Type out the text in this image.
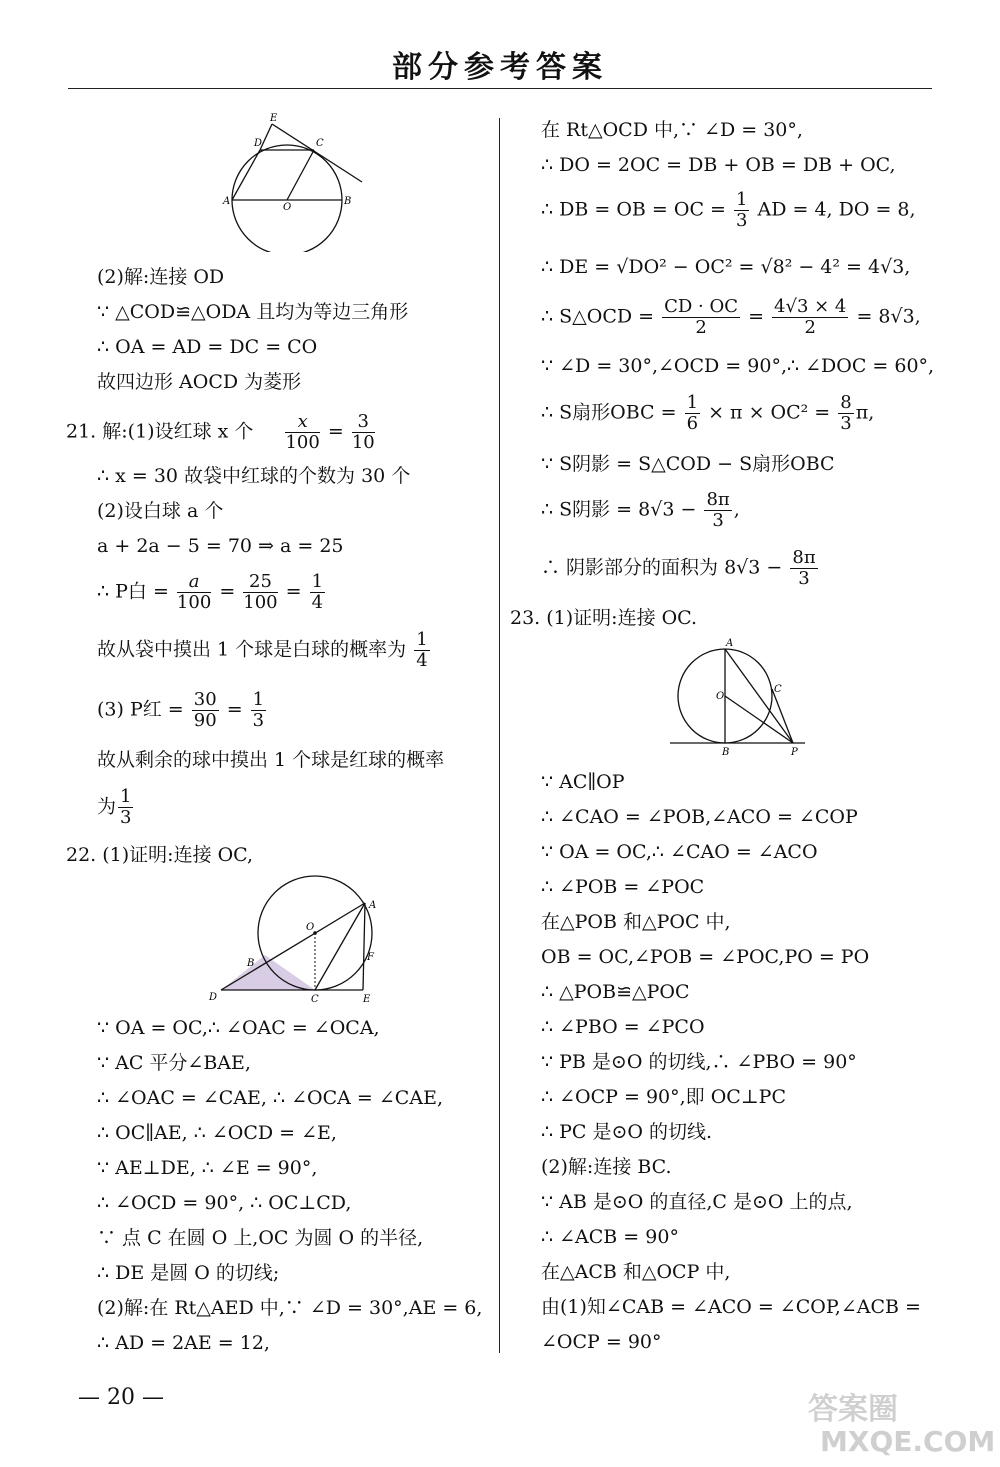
部分参考答案
E
D	C
A
O
B
(2)解:连接 OD
∵ △COD≌△ODA 且均为等边三角形
∴ OA = AD = DC = CO
故四边形 AOCD 为菱形
21. 解:(1)设红球 x 个 $\frac{x}{100} = \frac{3}{10}$
∴ x = 30 故袋中红球的个数为 30 个
(2)设白球 a 个
a + 2a − 5 = 70 ⇒ a = 25
∴ P白 = $\frac{a}{100} = \frac{25}{100} = \frac{1}{4}$
故从袋中摸出 1 个球是白球的概率为 $\frac{1}{4}$
(3) P红 = $\frac{30}{90} = \frac{1}{3}$
故从剩余的球中摸出 1 个球是红球的概率
为 $\frac{1}{3}$
22. (1)证明:连接 OC,
O
A
B
F
D	C	E
∵ OA = OC,∴ ∠OAC = ∠OCA,
∵ AC 平分∠BAE,
∴ ∠OAC = ∠CAE, ∴ ∠OCA = ∠CAE,
∴ OC∥AE, ∴ ∠OCD = ∠E,
∵ AE⊥DE, ∴ ∠E = 90°,
∴ ∠OCD = 90°, ∴ OC⊥CD,
∵ 点 C 在圆 O 上,OC 为圆 O 的半径,
∴ DE 是圆 O 的切线;
(2)解:在 Rt△AED 中,∵ ∠D = 30°,AE = 6,
∴ AD = 2AE = 12,
在 Rt△OCD 中,∵ ∠D = 30°,
∴ DO = 2OC = DB + OB = DB + OC,
∴ DB = OB = OC = $\frac{1}{3}$ AD = 4, DO = 8,
∴ DE = √DO² − OC² = √8² − 4² = 4√3,
∴ S△OCD = $\frac{CD \cdot OC}{2} = \frac{4√3 \times 4}{2} = 8√3$,
∵ ∠D = 30°,∠OCD = 90°,∴ ∠DOC = 60°,
∴ S扇形OBC = $\frac{1}{6} \times \pi \times OC^2 = \frac{8}{3} \pi$,
∵ S阴影 = S△COD − S扇形OBC
∴ S阴影 = $8√3 - \frac{8\pi}{3}$ ,
∴ 阴影部分的面积为 $8√3 - \frac{8\pi}{3}$
23. (1)证明:连接 OC.
A
O
C
B	P
∵ AC∥OP
∴ ∠CAO = ∠POB,∠ACO = ∠COP
∵ OA = OC,∴ ∠CAO = ∠ACO
∴ ∠POB = ∠POC
在△POB 和△POC 中,
OB = OC,∠POB = ∠POC,PO = PO
∴ △POB≌△POC
∴ ∠PBO = ∠PCO
∵ PB 是⊙O 的切线,∴ ∠PBO = 90°
∴ ∠OCP = 90°,即 OC⊥PC
∴ PC 是⊙O 的切线.
(2)解:连接 BC.
∵ AB 是⊙O 的直径,C 是⊙O 上的点,
∴ ∠ACB = 90°
在△ACB 和△OCP 中,
由(1)知∠CAB = ∠ACO = ∠COP,∠ACB =
∠OCP = 90°
— 20 —	答案圈
MXQE.COM
